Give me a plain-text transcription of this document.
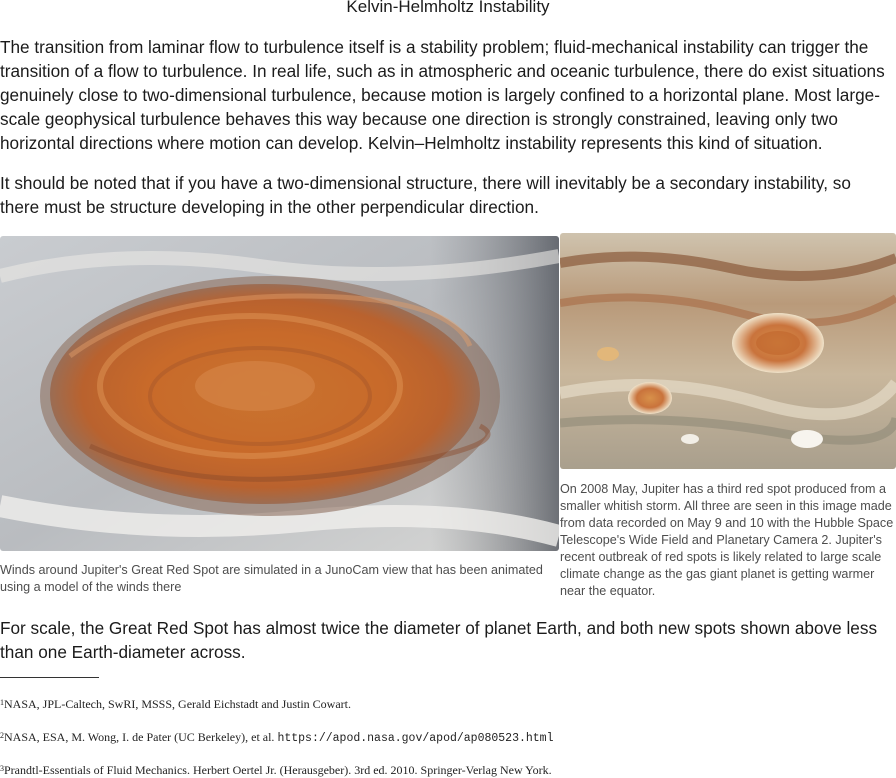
Kelvin-Helmholtz Instability

The transition from laminar flow to turbulence itself is a stability problem; fluid-mechanical instability can trigger the transition of a flow to turbulence. In real life, such as in atmospheric and oceanic turbulence, there do exist situations genuinely close to two-dimensional turbulence, because motion is largely confined to a horizontal plane. Most large-scale geophysical turbulence behaves this way because one direction is strongly constrained, leaving only two horizontal directions where motion can develop. Kelvin–Helmholtz instability represents this kind of situation.

It should be noted that if you have a two-dimensional structure, there will inevitably be a secondary instability, so there must be structure developing in the other perpendicular direction.

Winds around Jupiter's Great Red Spot are simulated in a JunoCam view that has been animated using a model of the winds there

On 2008 May, Jupiter has a third red spot produced from a smaller whitish storm. All three are seen in this image made from data recorded on May 9 and 10 with the Hubble Space Telescope's Wide Field and Planetary Camera 2. Jupiter's recent outbreak of red spots is likely related to large scale climate change as the gas giant planet is getting warmer near the equator.

For scale, the Great Red Spot has almost twice the diameter of planet Earth, and both new spots shown above less than one Earth-diameter across.

$^1$NASA, JPL-Caltech, SwRI, MSSS, Gerald Eichstadt and Justin Cowart.
$^2$NASA, ESA, M. Wong, I. de Pater (UC Berkeley), et al. https://apod.nasa.gov/apod/ap080523.html
$^3$Prandtl-Essentials of Fluid Mechanics. Herbert Oertel Jr. (Herausgeber). 3rd ed. 2010. Springer-Verlag New York.
